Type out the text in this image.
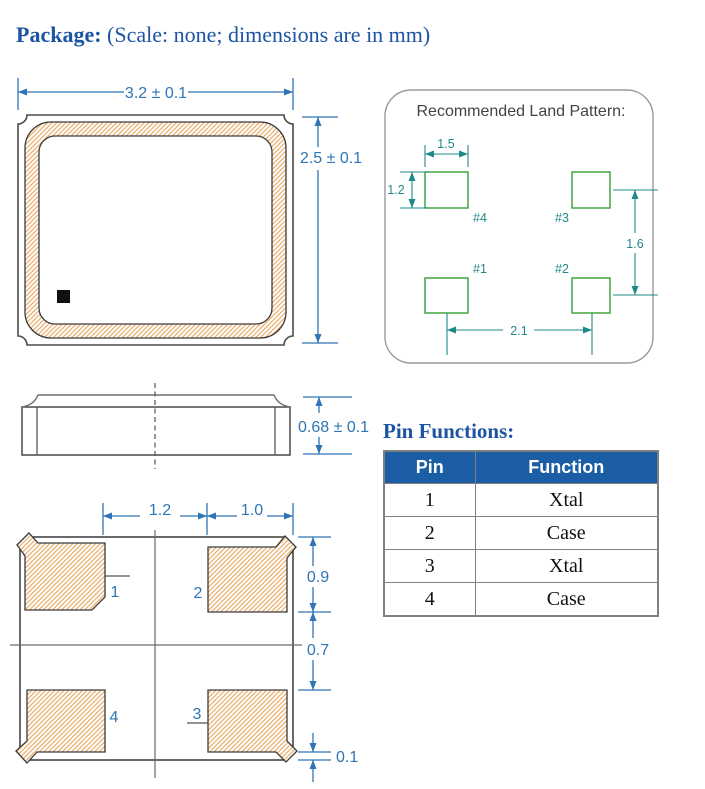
Package: (Scale: none; dimensions are in mm)
3.2 ± 0.1
2.5 ± 0.1
Recommended Land Pattern:
#4	#3
#1	#2
1.5
1.2
1.6
2.1
0.68 ± 0.1
1.2	1.0
1	2
4	3
0.9
0.7
0.1
Pin Functions:
Pin	Function
1	Xtal
2	Case
3	Xtal
4	Case
